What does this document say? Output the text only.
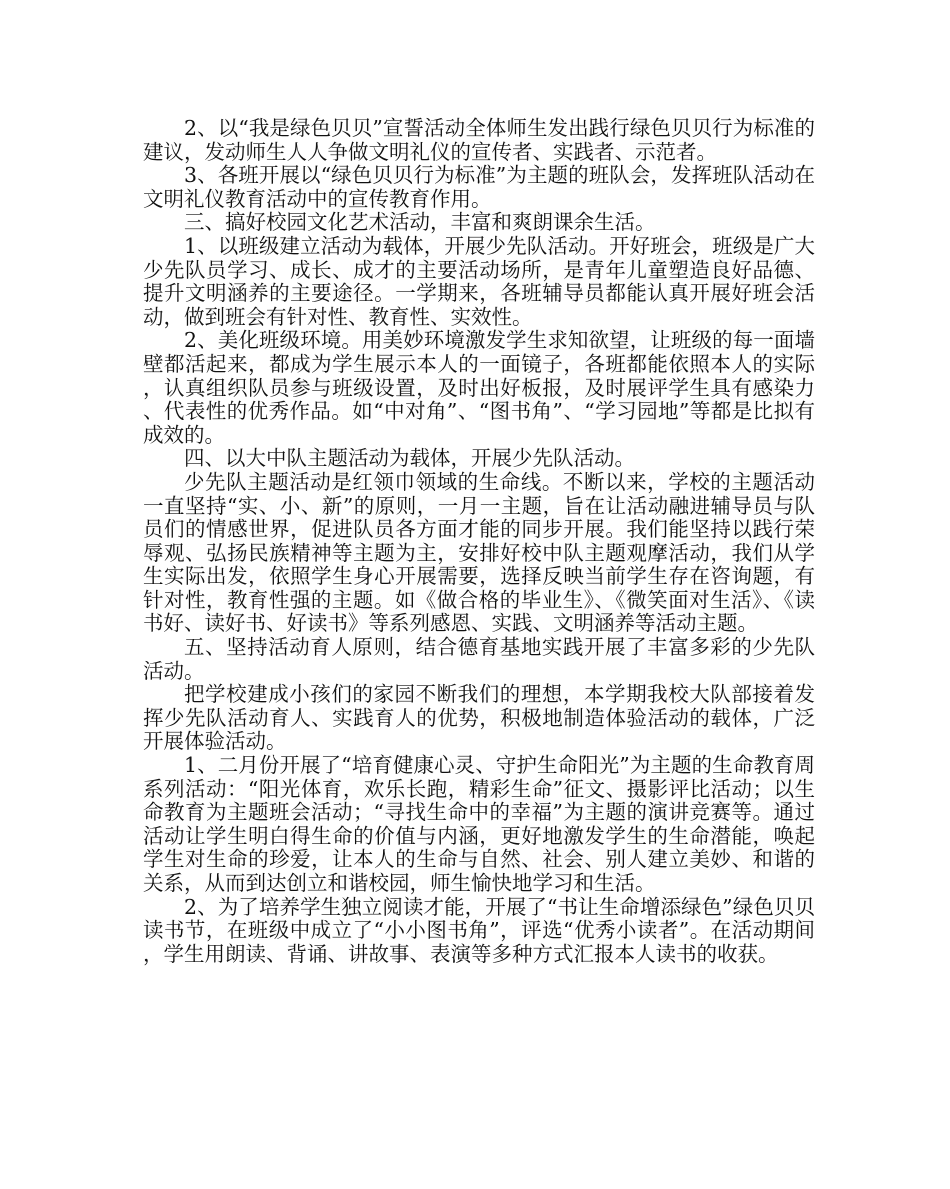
2、以“我是绿色贝贝”宣誓活动全体师生发出践行绿色贝贝行为标准的建议，发动师生人人争做文明礼仪的宣传者、实践者、示范者。

3、各班开展以“绿色贝贝行为标准”为主题的班队会，发挥班队活动在文明礼仪教育活动中的宣传教育作用。

三、搞好校园文化艺术活动，丰富和爽朗课余生活。

1、以班级建立活动为载体，开展少先队活动。开好班会，班级是广大少先队员学习、成长、成才的主要活动场所，是青年儿童塑造良好品德、提升文明涵养的主要途径。一学期来，各班辅导员都能认真开展好班会活动，做到班会有针对性、教育性、实效性。

2、美化班级环境。用美妙环境激发学生求知欲望，让班级的每一面墙壁都活起来，都成为学生展示本人的一面镜子，各班都能依照本人的实际，认真组织队员参与班级设置，及时出好板报，及时展评学生具有感染力、代表性的优秀作品。如“中对角”、“图书角”、“学习园地”等都是比拟有成效的。

四、以大中队主题活动为载体，开展少先队活动。

少先队主题活动是红领巾领域的生命线。不断以来，学校的主题活动一直坚持“实、小、新”的原则，一月一主题，旨在让活动融进辅导员与队员们的情感世界，促进队员各方面才能的同步开展。我们能坚持以践行荣辱观、弘扬民族精神等主题为主，安排好校中队主题观摩活动，我们从学生实际出发，依照学生身心开展需要，选择反映当前学生存在咨询题，有针对性，教育性强的主题。如《做合格的毕业生》、《微笑面对生活》、《读书好、读好书、好读书》等系列感恩、实践、文明涵养等活动主题。

五、坚持活动育人原则，结合德育基地实践开展了丰富多彩的少先队活动。

把学校建成小孩们的家园不断我们的理想，本学期我校大队部接着发挥少先队活动育人、实践育人的优势，积极地制造体验活动的载体，广泛开展体验活动。

1、二月份开展了“培育健康心灵、守护生命阳光”为主题的生命教育周系列活动：“阳光体育，欢乐长跑，精彩生命”征文、摄影评比活动；以生命教育为主题班会活动；“寻找生命中的幸福”为主题的演讲竞赛等。通过活动让学生明白得生命的价值与内涵，更好地激发学生的生命潜能，唤起学生对生命的珍爱，让本人的生命与自然、社会、别人建立美妙、和谐的关系，从而到达创立和谐校园，师生愉快地学习和生活。

2、为了培养学生独立阅读才能，开展了“书让生命增添绿色”绿色贝贝读书节，在班级中成立了“小小图书角”，评选“优秀小读者”。在活动期间，学生用朗读、背诵、讲故事、表演等多种方式汇报本人读书的收获。
